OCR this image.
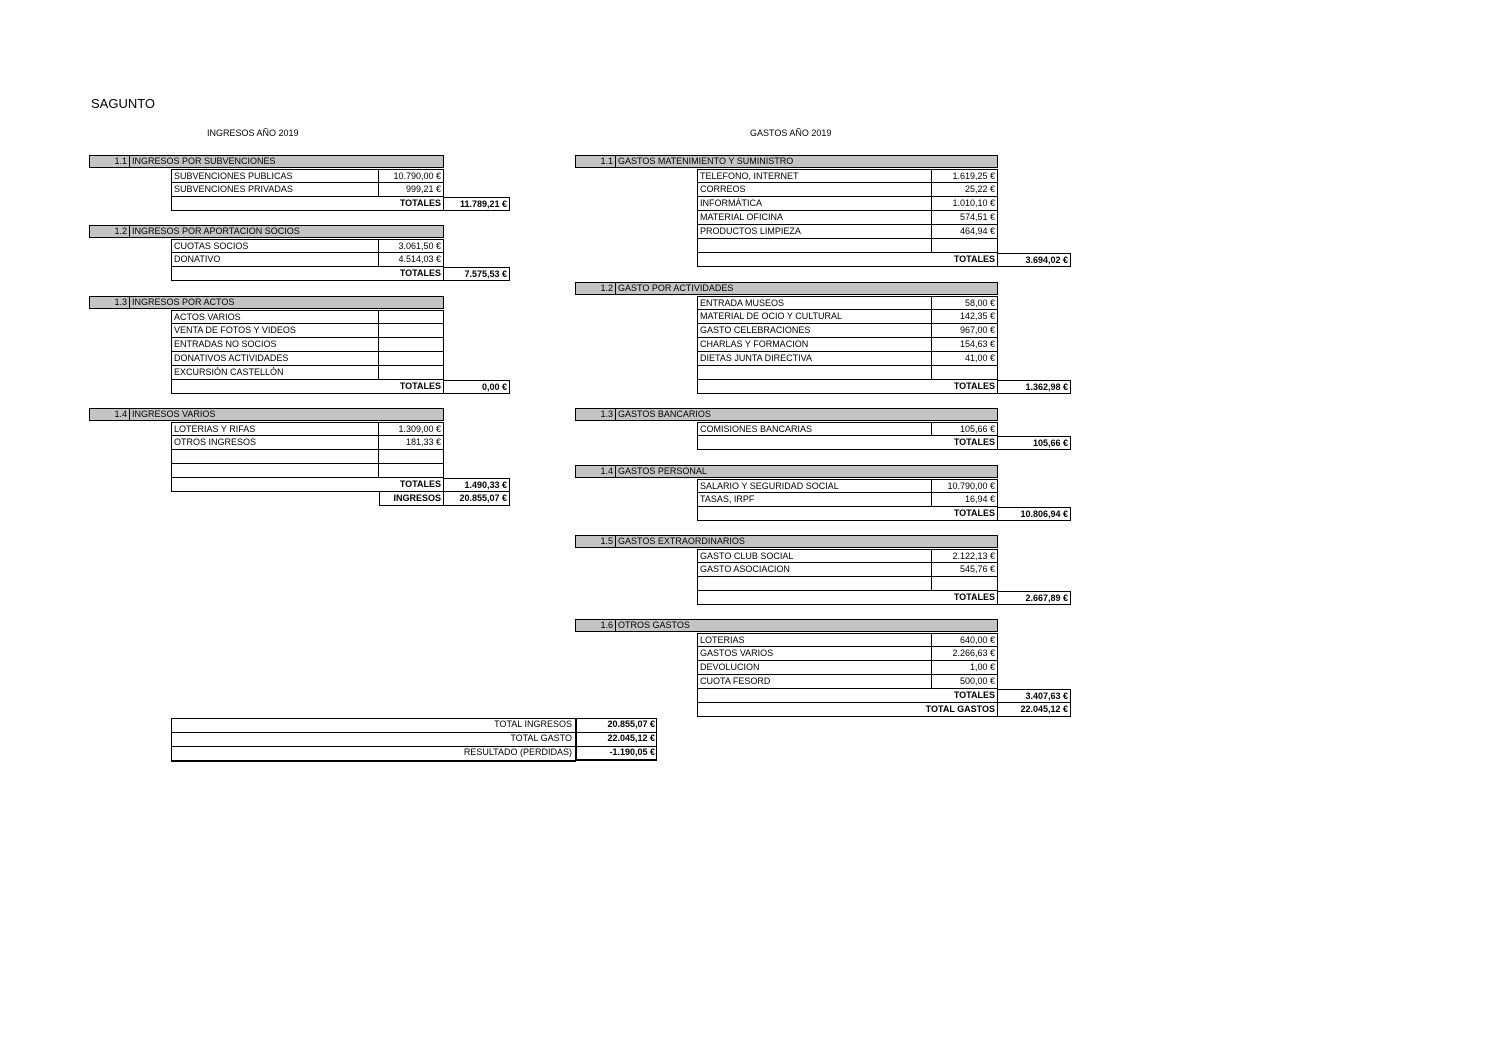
SAGUNTO
INGRESOS AÑO 2019	GASTOS AÑO 2019
1.1 INGRESOS POR SUBVENCIONES
SUBVENCIONES PUBLICAS	10.790,00 €
SUBVENCIONES PRIVADAS	999,21 €
TOTALES	11.789,21 €
1.2 INGRESOS POR APORTACION SOCIOS
CUOTAS SOCIOS	3.061,50 €
DONATIVO	4.514,03 €
TOTALES	7.575,53 €
1.3 INGRESOS POR ACTOS
ACTOS VARIOS
VENTA DE FOTOS Y VIDEOS
ENTRADAS NO SOCIOS
DONATIVOS ACTIVIDADES
EXCURSIÓN CASTELLÓN
TOTALES	0,00 €
1.4 INGRESOS VARIOS
LOTERIAS Y RIFAS	1.309,00 €
OTROS INGRESOS	181,33 €
TOTALES	1.490,33 €
INGRESOS	20.855,07 €
1.1 GASTOS MATENIMIENTO Y SUMINISTRO
TELEFONO, INTERNET	1.619,25 €
CORREOS	25,22 €
INFORMÁTICA	1.010,10 €
MATERIAL OFICINA	574,51 €
PRODUCTOS LIMPIEZA	464,94 €
TOTALES	3.694,02 €
1.2 GASTO POR ACTIVIDADES
ENTRADA MUSEOS	58,00 €
MATERIAL DE OCIO Y CULTURAL	142,35 €
GASTO CELEBRACIONES	967,00 €
CHARLAS Y FORMACION	154,63 €
DIETAS JUNTA DIRECTIVA	41,00 €
TOTALES	1.362,98 €
1.3 GASTOS BANCARIOS
COMISIONES BANCARIAS	105,66 €
TOTALES	105,66 €
1.4 GASTOS PERSONAL
SALARIO Y SEGURIDAD SOCIAL	10.790,00 €
TASAS, IRPF	16,94 €
TOTALES	10.806,94 €
1.5 GASTOS EXTRAORDINARIOS
GASTO CLUB SOCIAL	2.122,13 €
GASTO ASOCIACION	545,76 €
TOTALES	2.667,89 €
1.6 OTROS GASTOS
LOTERIAS	640,00 €
GASTOS VARIOS	2.266,63 €
DEVOLUCION	1,00 €
CUOTA FESORD	500,00 €
TOTALES	3.407,63 €
TOTAL GASTOS	22.045,12 €
TOTAL INGRESOS	20.855,07 €
TOTAL GASTO	22.045,12 €
RESULTADO (PERDIDAS)	-1.190,05 €
